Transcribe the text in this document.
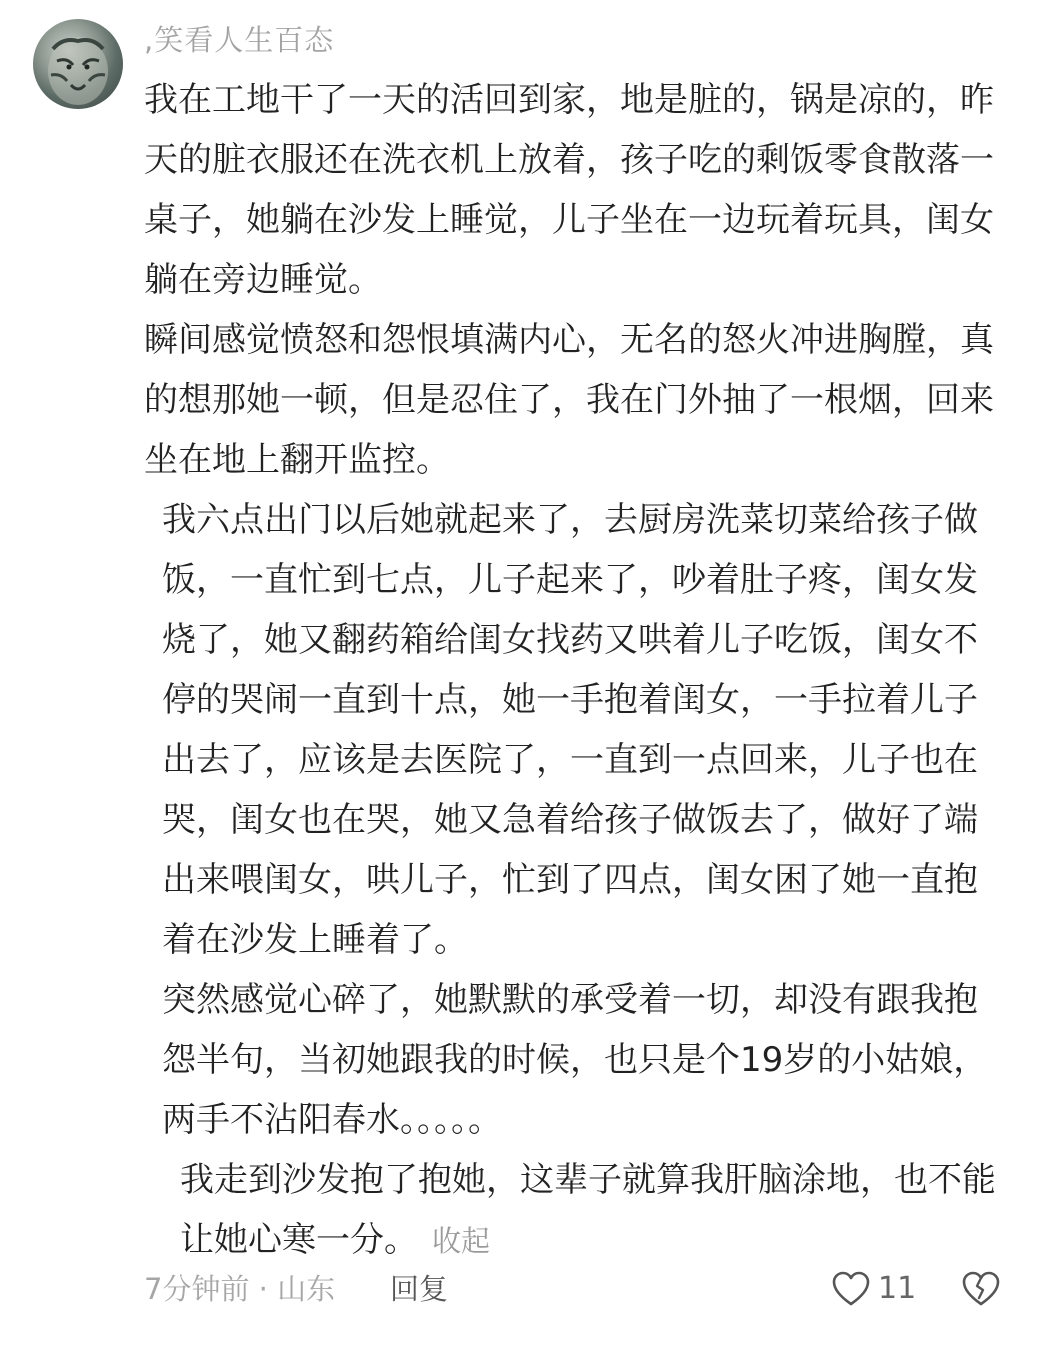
,笑看人生百态

我在工地干了一天的活回到家，地是脏的，锅是凉的，昨天的脏衣服还在洗衣机上放着，孩子吃的剩饭零食散落一桌子，她躺在沙发上睡觉，儿子坐在一边玩着玩具，闺女躺在旁边睡觉。

瞬间感觉愤怒和怨恨填满内心，无名的怒火冲进胸膛，真的想那她一顿，但是忍住了，我在门外抽了一根烟，回来坐在地上翻开监控。

我六点出门以后她就起来了，去厨房洗菜切菜给孩子做饭，一直忙到七点，儿子起来了，吵着肚子疼，闺女发烧了，她又翻药箱给闺女找药又哄着儿子吃饭，闺女不停的哭闹一直到十点，她一手抱着闺女，一手拉着儿子出去了，应该是去医院了，一直到一点回来，儿子也在哭，闺女也在哭，她又急着给孩子做饭去了，做好了端出来喂闺女，哄儿子，忙到了四点，闺女困了她一直抱着在沙发上睡着了。

突然感觉心碎了，她默默的承受着一切，却没有跟我抱怨半句，当初她跟我的时候，也只是个19岁的小姑娘，两手不沾阳春水。。。。。

我走到沙发抱了抱她，这辈子就算我肝脑涂地，也不能让她心寒一分。 收起

7分钟前 · 山东 回复	11
